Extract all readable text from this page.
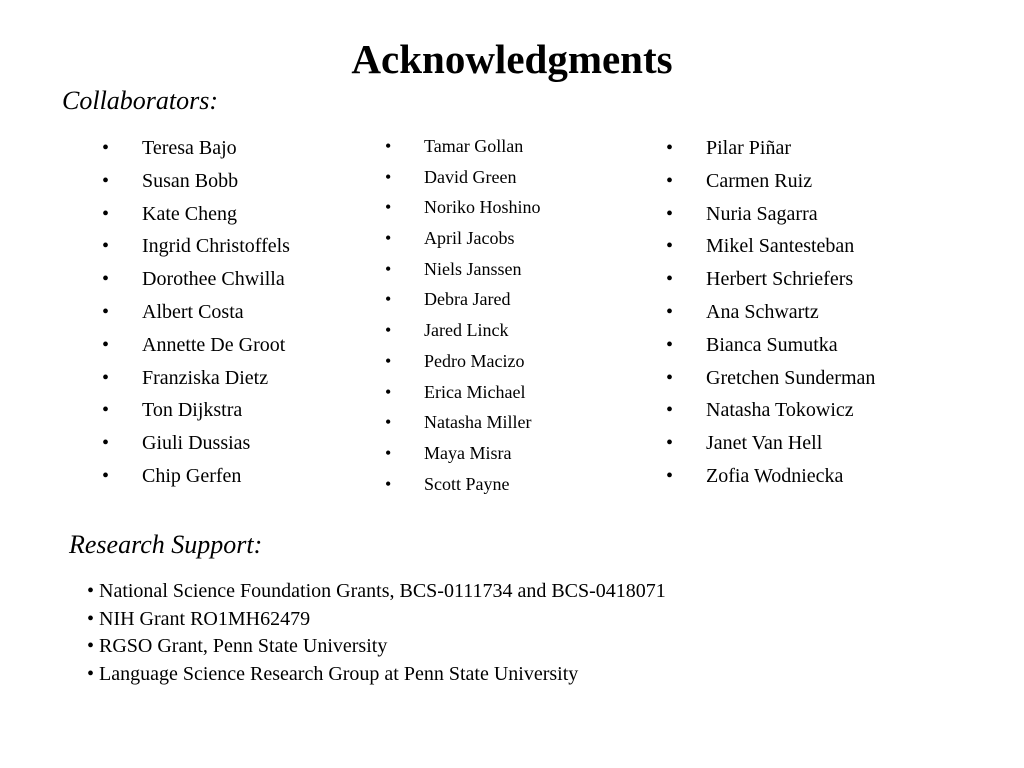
Acknowledgments
Collaborators:
• Teresa Bajo
• Susan Bobb
• Kate Cheng
• Ingrid Christoffels
• Dorothee Chwilla
• Albert Costa
• Annette De Groot
• Franziska Dietz
• Ton Dijkstra
• Giuli Dussias
• Chip Gerfen
• Tamar Gollan
• David Green
• Noriko Hoshino
• April Jacobs
• Niels Janssen
• Debra Jared
• Jared Linck
• Pedro Macizo
• Erica Michael
• Natasha Miller
• Maya Misra
• Scott Payne
• Pilar Piñar
• Carmen Ruiz
• Nuria Sagarra
• Mikel Santesteban
• Herbert Schriefers
• Ana Schwartz
• Bianca Sumutka
• Gretchen Sunderman
• Natasha Tokowicz
• Janet Van Hell
• Zofia Wodniecka
Research Support:
• National Science Foundation Grants, BCS-0111734 and BCS-0418071
• NIH Grant RO1MH62479
• RGSO Grant, Penn State University
• Language Science Research Group at Penn State University
